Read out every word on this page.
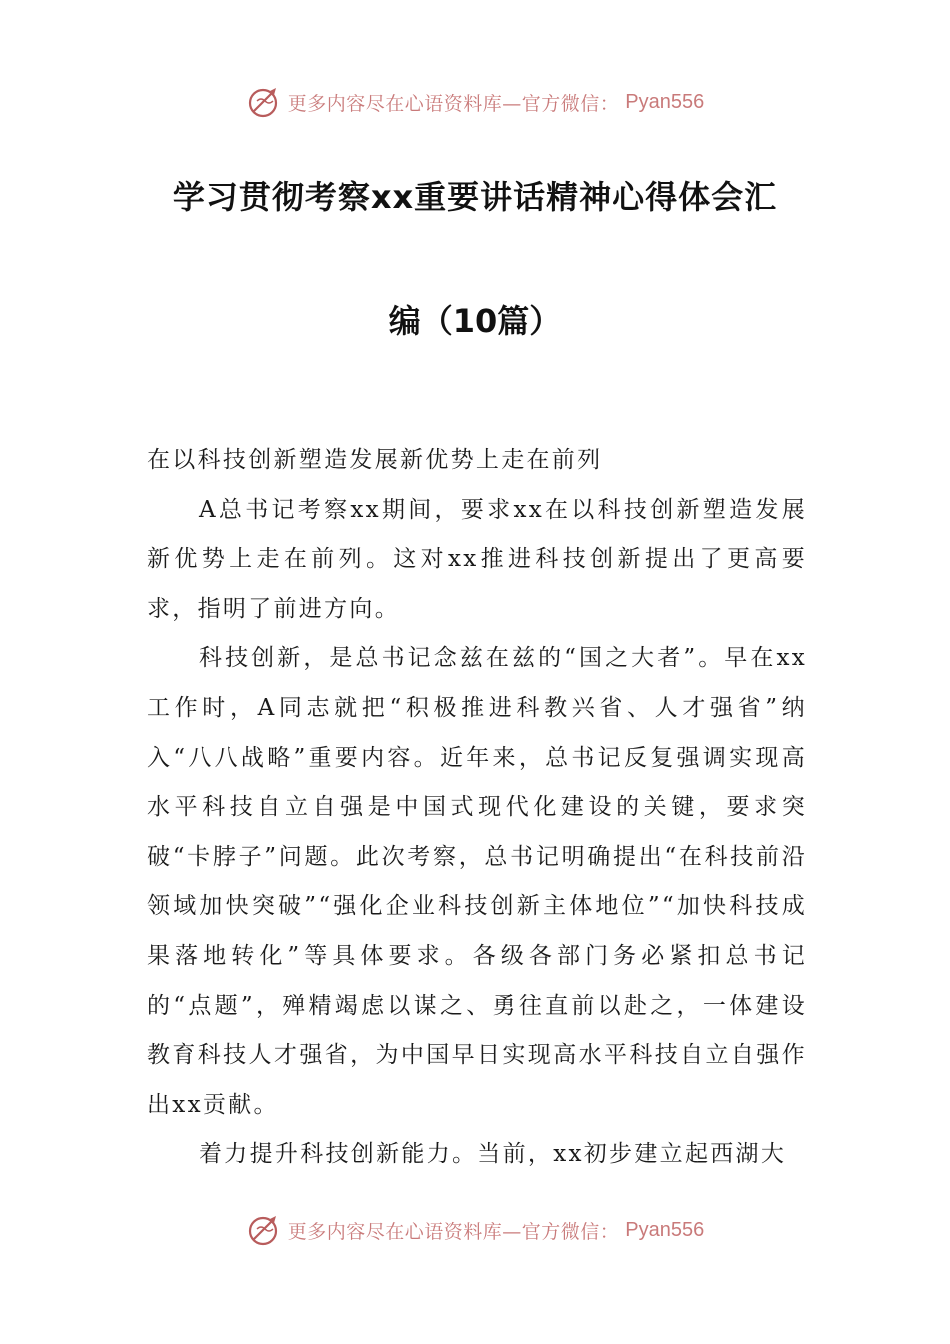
更多内容尽在心语资料库—官方微信： Pyan556
学习贯彻考察xx重要讲话精神心得体会汇
编（10篇）

在以科技创新塑造发展新优势上走在前列

A总书记考察xx期间，要求xx在以科技创新塑造发展新优势上走在前列。这对xx推进科技创新提出了更高要求，指明了前进方向。

科技创新，是总书记念兹在兹的“国之大者”。早在xx工作时，A同志就把“积极推进科教兴省、人才强省”纳入“八八战略”重要内容。近年来，总书记反复强调实现高水平科技自立自强是中国式现代化建设的关键，要求突破“卡脖子”问题。此次考察，总书记明确提出“在科技前沿领域加快突破”“强化企业科技创新主体地位”“加快科技成果落地转化”等具体要求。各级各部门务必紧扣总书记的“点题”，殚精竭虑以谋之、勇往直前以赴之，一体建设教育科技人才强省，为中国早日实现高水平科技自立自强作出xx贡献。

着力提升科技创新能力。当前，xx初步建立起西湖大

更多内容尽在心语资料库—官方微信： Pyan556
